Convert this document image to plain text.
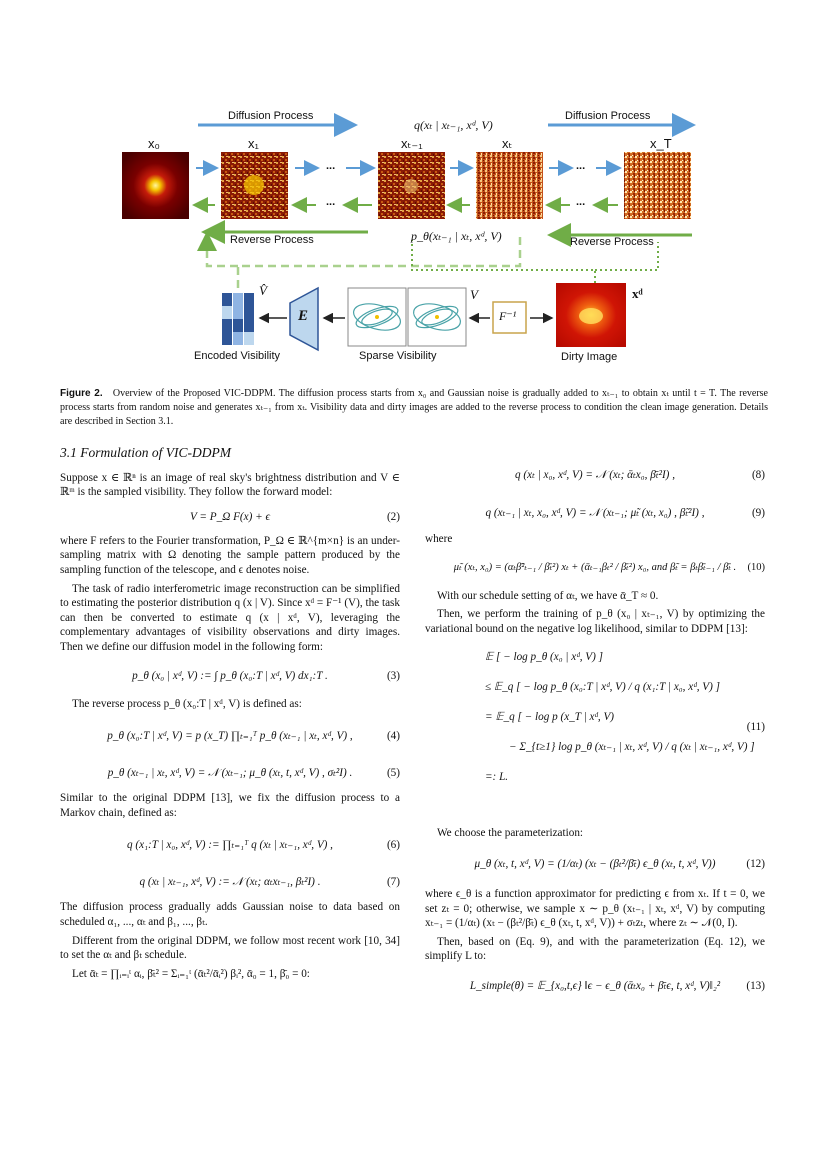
Diffusion Process	Diffusion Process
q(xₜ | xₜ₋₁, xᵈ, V)
x₀	x₁	xₜ₋₁	xₜ	x_T
...	...
...	...
Reverse Process	Reverse Process
p_θ(xₜ₋₁ | xₜ, xᵈ, V)
V̂
E
V
F⁻¹
xᵈ
Encoded Visibility	Sparse Visibility	Dirty Image
Figure 2. Overview of the Proposed VIC-DDPM. The diffusion process starts from x₀ and Gaussian noise is gradually added to xₜ₋₁ to obtain xₜ until t = T. The reverse process starts from random noise and generates xₜ₋₁ from xₜ. Visibility data and dirty images are added to the reverse process to condition the clean image generation. Details are described in Section 3.1.
3.1 Formulation of VIC-DDPM

Suppose x ∈ ℝⁿ is an image of real sky's brightness distribution and V ∈ ℝᵐ is the sampled visibility. They follow the forward model:

V = P_Ω F(x) + ϵ	(2)

where F refers to the Fourier transformation, P_Ω ∈ ℝ^{m×n} is an under-sampling matrix with Ω denoting the sample pattern produced by the sampling function of the telescope, and ϵ denotes noise.

The task of radio interferometric image reconstruction can be simplified to estimating the posterior distribution q (x | V). Since xᵈ = F⁻¹ (V), the task can then be converted to estimate q (x | xᵈ, V), leveraging the complementary advantages of visibility observations and dirty images. Then we define our diffusion model in the following form:

p_θ (x₀ | xᵈ, V) := ∫ p_θ (x₀:T | xᵈ, V) dx₁:T .	(3)

The reverse process p_θ (x₀:T | xᵈ, V) is defined as:

p_θ (x₀:T | xᵈ, V) = p (x_T) ∏ₜ₌₁ᵀ p_θ (xₜ₋₁ | xₜ, xᵈ, V) ,	(4)
p_θ (xₜ₋₁ | xₜ, xᵈ, V) = 𝒩 (xₜ₋₁; μ_θ (xₜ, t, xᵈ, V) , σₜ²I) .	(5)

Similar to the original DDPM [13], we fix the diffusion process to a Markov chain, defined as:

q (x₁:T | x₀, xᵈ, V) := ∏ₜ₌₁ᵀ q (xₜ | xₜ₋₁, xᵈ, V) ,	(6)
q (xₜ | xₜ₋₁, xᵈ, V) := 𝒩 (xₜ; αₜxₜ₋₁, βₜ²I) .	(7)

The diffusion process gradually adds Gaussian noise to data based on scheduled α₁, ..., αₜ and β₁, ..., βₜ.

Different from the original DDPM, we follow most recent work [10, 34] to set the αₜ and βₜ schedule.

Let ᾱₜ = ∏ᵢ₌ᵢᵗ αᵢ, β̄ₜ² = Σᵢ₌₁ᵗ (ᾱₜ²/ᾱᵢ²) βᵢ², ᾱ₀ = 1, β̄₀ = 0:

q (xₜ | x₀, xᵈ, V) = 𝒩 (xₜ; ᾱₜx₀, β̄ₜ²I) ,	(8)
q (xₜ₋₁ | xₜ, x₀, xᵈ, V) = 𝒩 (xₜ₋₁; μ̃ₜ (xₜ, x₀) , β̃ₜ²I) ,	(9)

where

μ̃ₜ (xₜ, x₀) = (αₜβ̄²ₜ₋₁ / β̄ₜ²) xₜ + (ᾱₜ₋₁βₜ² / β̄ₜ²) x₀, and β̃ₜ = βₜβ̄ₜ₋₁ / β̄ₜ . (10)

With our schedule setting of αₜ, we have ᾱ_T ≈ 0.

Then, we perform the training of p_θ (x₀ | xₜ₋₁, V) by optimizing the variational bound on the negative log likelihood, similar to DDPM [13]:

𝔼 [ − log p_θ (x₀ | xᵈ, V) ]
≤ 𝔼_q [ − log p_θ (x₀:T | xᵈ, V) / q (x₁:T | x₀, xᵈ, V) ]
= 𝔼_q [ − log p (x_T | xᵈ, V)
− Σ_{t≥1} log p_θ (xₜ₋₁ | xₜ, xᵈ, V) / q (xₜ | xₜ₋₁, xᵈ, V) ]
=: L.
(11)

We choose the parameterization:

μ_θ (xₜ, t, xᵈ, V) = (1/αₜ) (xₜ − (βₜ²/β̄ₜ) ϵ_θ (xₜ, t, xᵈ, V))	(12)

where ϵ_θ is a function approximator for predicting ϵ from xₜ. If t = 0, we set zₜ = 0; otherwise, we sample x ∼ p_θ (xₜ₋₁ | xₜ, xᵈ, V) by computing xₜ₋₁ = (1/αₜ) (xₜ − (βₜ²/β̄ₜ) ϵ_θ (xₜ, t, xᵈ, V)) + σₜzₜ, where zₜ ∼ 𝒩(0, I).

Then, based on (Eq. 9), and with the parameterization (Eq. 12), we simplify L to:

L_simple(θ) = 𝔼_{x₀,t,ϵ} ‖ϵ − ϵ_θ (ᾱₜx₀ + β̄ₜϵ, t, xᵈ, V)‖₂² (13)
